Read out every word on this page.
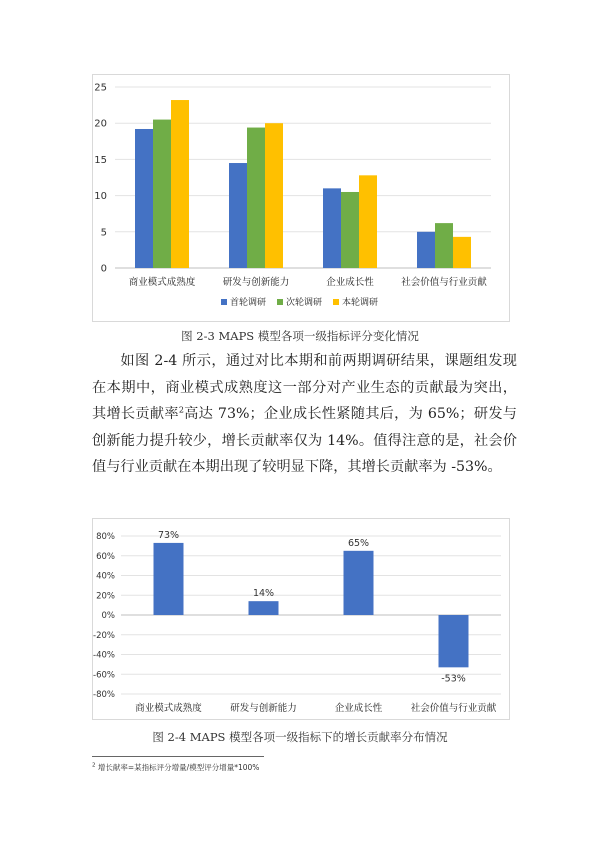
0
5
10
15
20
25
商业模式成熟度	研发与创新能力	企业成长性	社会价值与行业贡献
首轮调研 次轮调研 本轮调研
图 2-3 MAPS 模型各项一级指标评分变化情况

如图 2-4 所示，通过对比本期和前两期调研结果，课题组发现在本期中，商业模式成熟度这一部分对产业生态的贡献最为突出，其增长贡献率$^2$高达 73%；企业成长性紧随其后，为 65%；研发与创新能力提升较少，增长贡献率仅为 14%。值得注意的是，社会价值与行业贡献在本期出现了较明显下降，其增长贡献率为 -53%。

-80%
-60%
-40%
-20%
0%
20%
40%
60%
80%	73%
商业模式成熟度
14%
研发与创新能力
65%
企业成长性
-53%
社会价值与行业贡献
图 2-4 MAPS 模型各项一级指标下的增长贡献率分布情况
$^2$ 增长献率=某指标评分增量/模型评分增量*100%
